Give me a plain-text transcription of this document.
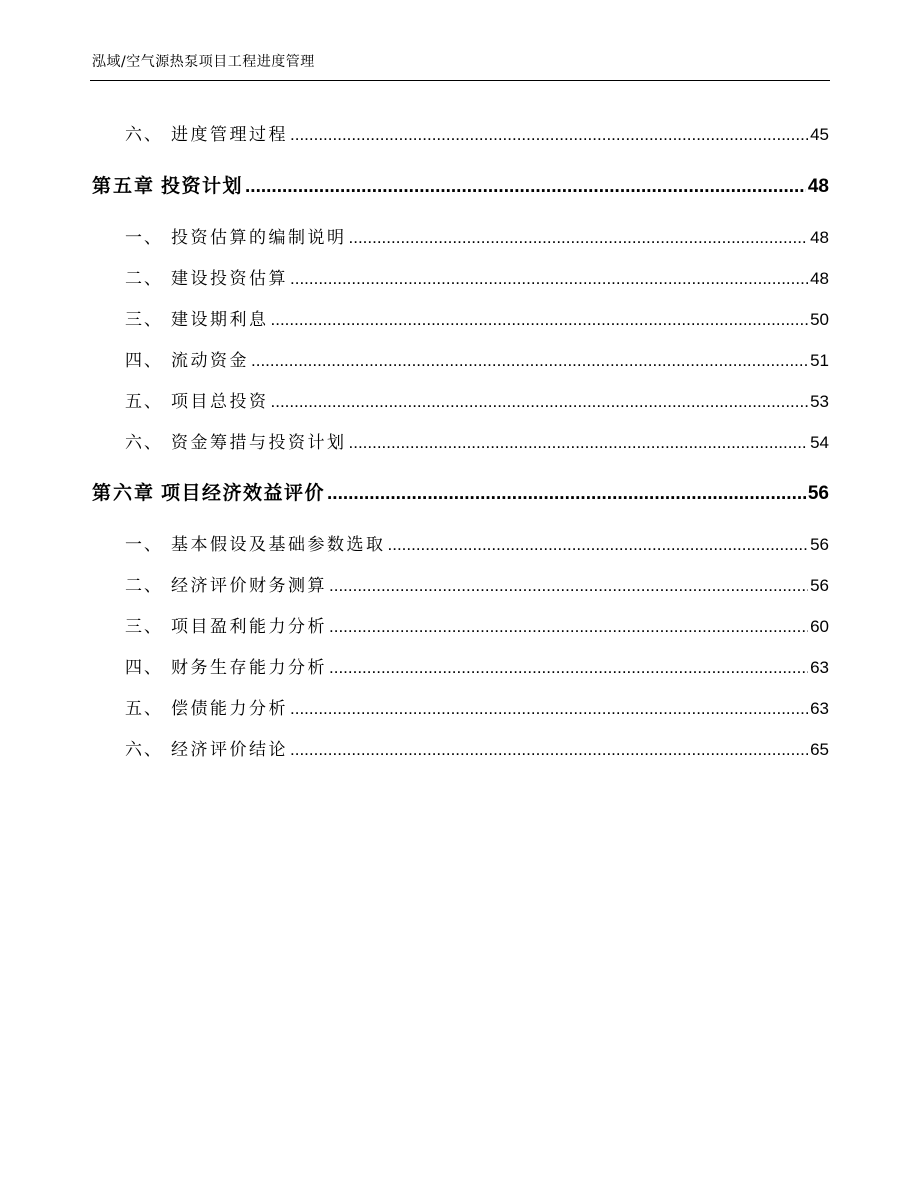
泓域/空气源热泵项目工程进度管理
六、 进度管理过程 .....	45
第五章 投资计划 .....	48
一、 投资估算的编制说明 .....	48
二、 建设投资估算 .....	48
三、 建设期利息 .....	50
四、 流动资金 .....	51
五、 项目总投资 .....	53
六、 资金筹措与投资计划 .....	54
第六章 项目经济效益评价 .....	56
一、 基本假设及基础参数选取 .....	56
二、 经济评价财务测算 .....	56
三、 项目盈利能力分析 .....	60
四、 财务生存能力分析 .....	63
五、 偿债能力分析 .....	63
六、 经济评价结论 .....	65
